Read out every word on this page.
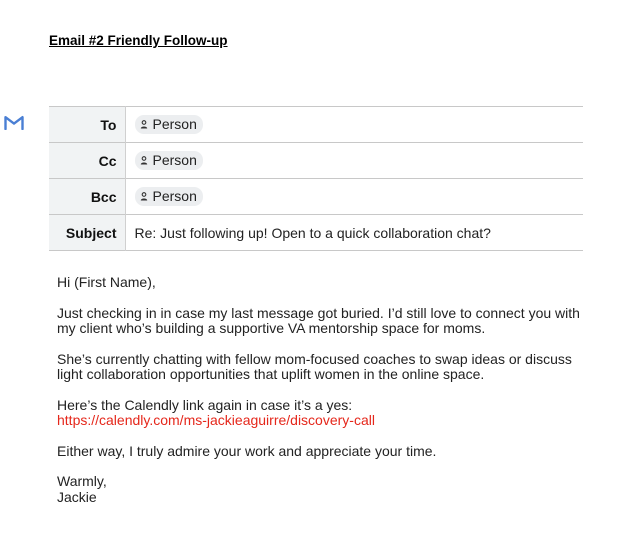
Email #2 Friendly Follow-up
To	Person

Cc	Person

Bcc	Person

Subject	Re: Just following up! Open to a quick collaboration chat?

Hi (First Name),

Just checking in in case my last message got buried. I’d still love to connect you with my client who’s building a supportive VA mentorship space for moms.

She’s currently chatting with fellow mom-focused coaches to swap ideas or discuss light collaboration opportunities that uplift women in the online space.

Here’s the Calendly link again in case it’s a yes:
https://calendly.com/ms-jackieaguirre/discovery-call

Either way, I truly admire your work and appreciate your time.

Warmly,
Jackie
